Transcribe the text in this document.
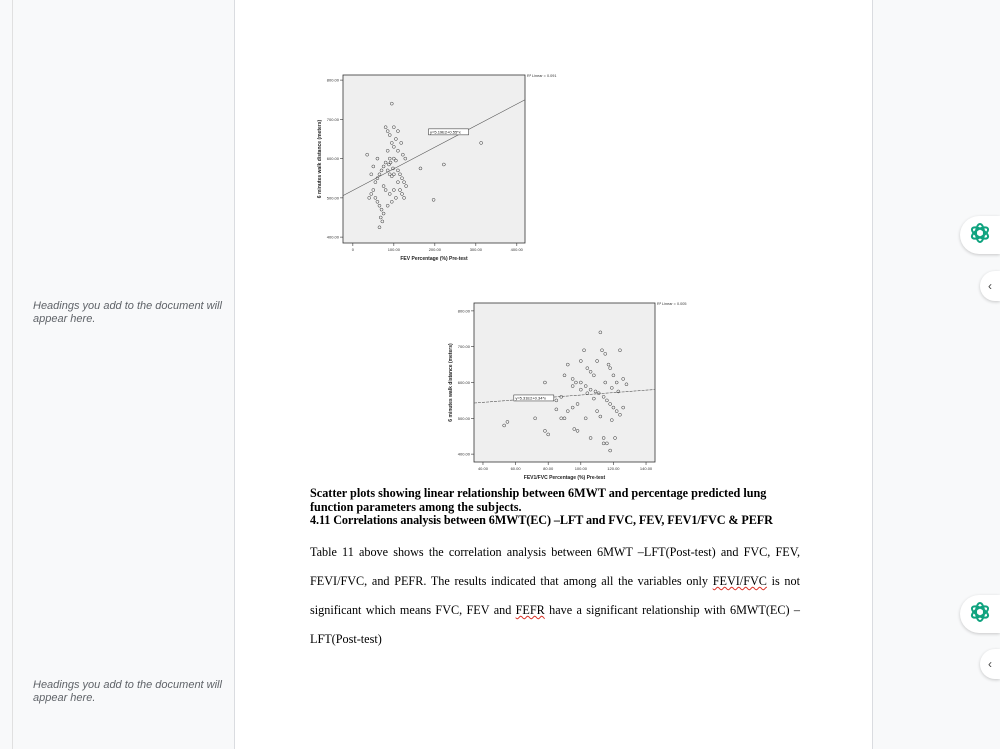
Headings you add to the document will appear here.
Headings you add to the document will appear here.
400.00
500.00
600.00
700.00
800.00
0	100.00	200.00	300.00	400.00
FEV Percentage (%) Pre-test
6 minutes walk distance (meters)	y=5.19E2+0.55*x
R² Linear = 0.091
400.00
500.00
600.00
700.00
800.00
40.00	60.00	80.00	100.00	120.00	140.00
FEV1/FVC Percentage (%) Pre-test
6 minutes walk distance (meters)	y=5.31E2+0.34*x
R² Linear = 0.005
Scatter plots showing linear relationship between 6MWT and percentage predicted lung function parameters among the subjects.
4.11 Correlations analysis between 6MWT(EC) –LFT and FVC, FEV, FEV1/FVC & PEFR
Table 11 above shows the correlation analysis between 6MWT –LFT(Post-test) and FVC, FEV, FEVI/FVC, and PEFR. The results indicated that among all the variables only FEVI/FVC is not significant which means FVC, FEV and FEFR have a significant relationship with 6MWT(EC) –LFT(Post-test)
‹
‹
